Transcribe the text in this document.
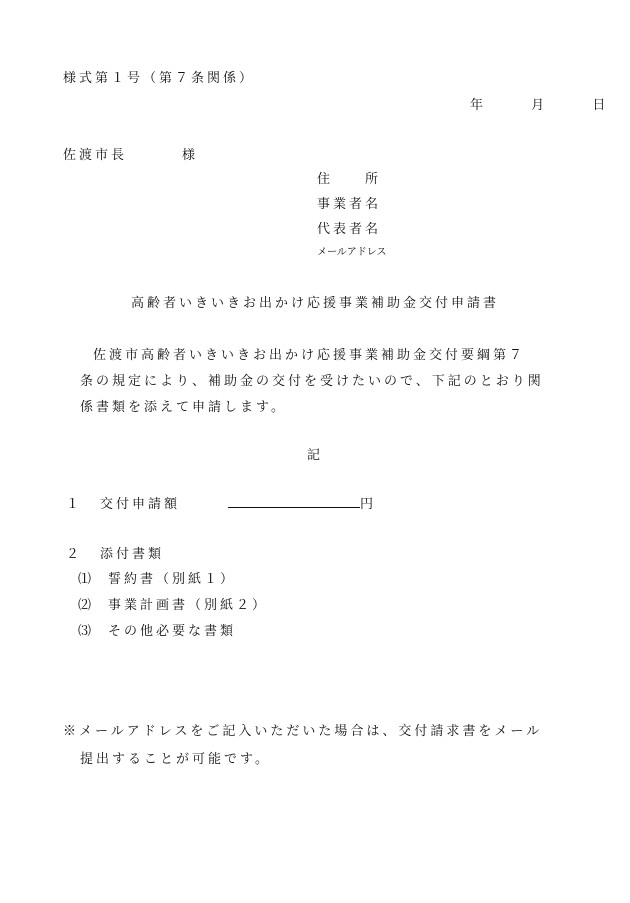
様式第１号（第７条関係）
年	月	日
佐渡市長	様
住　　所
事業者名
代表者名
メールアドレス
高齢者いきいきお出かけ応援事業補助金交付申請書
佐渡市高齢者いきいきお出かけ応援事業補助金交付要綱第７
条の規定により、補助金の交付を受けたいので、下記のとおり関
係書類を添えて申請します。
記
１ 交付申請額	円
２ 添付書類
⑴ 誓約書（別紙１）
⑵ 事業計画書（別紙２）
⑶ その他必要な書類
※メールアドレスをご記入いただいた場合は、交付請求書をメール
提出することが可能です。
